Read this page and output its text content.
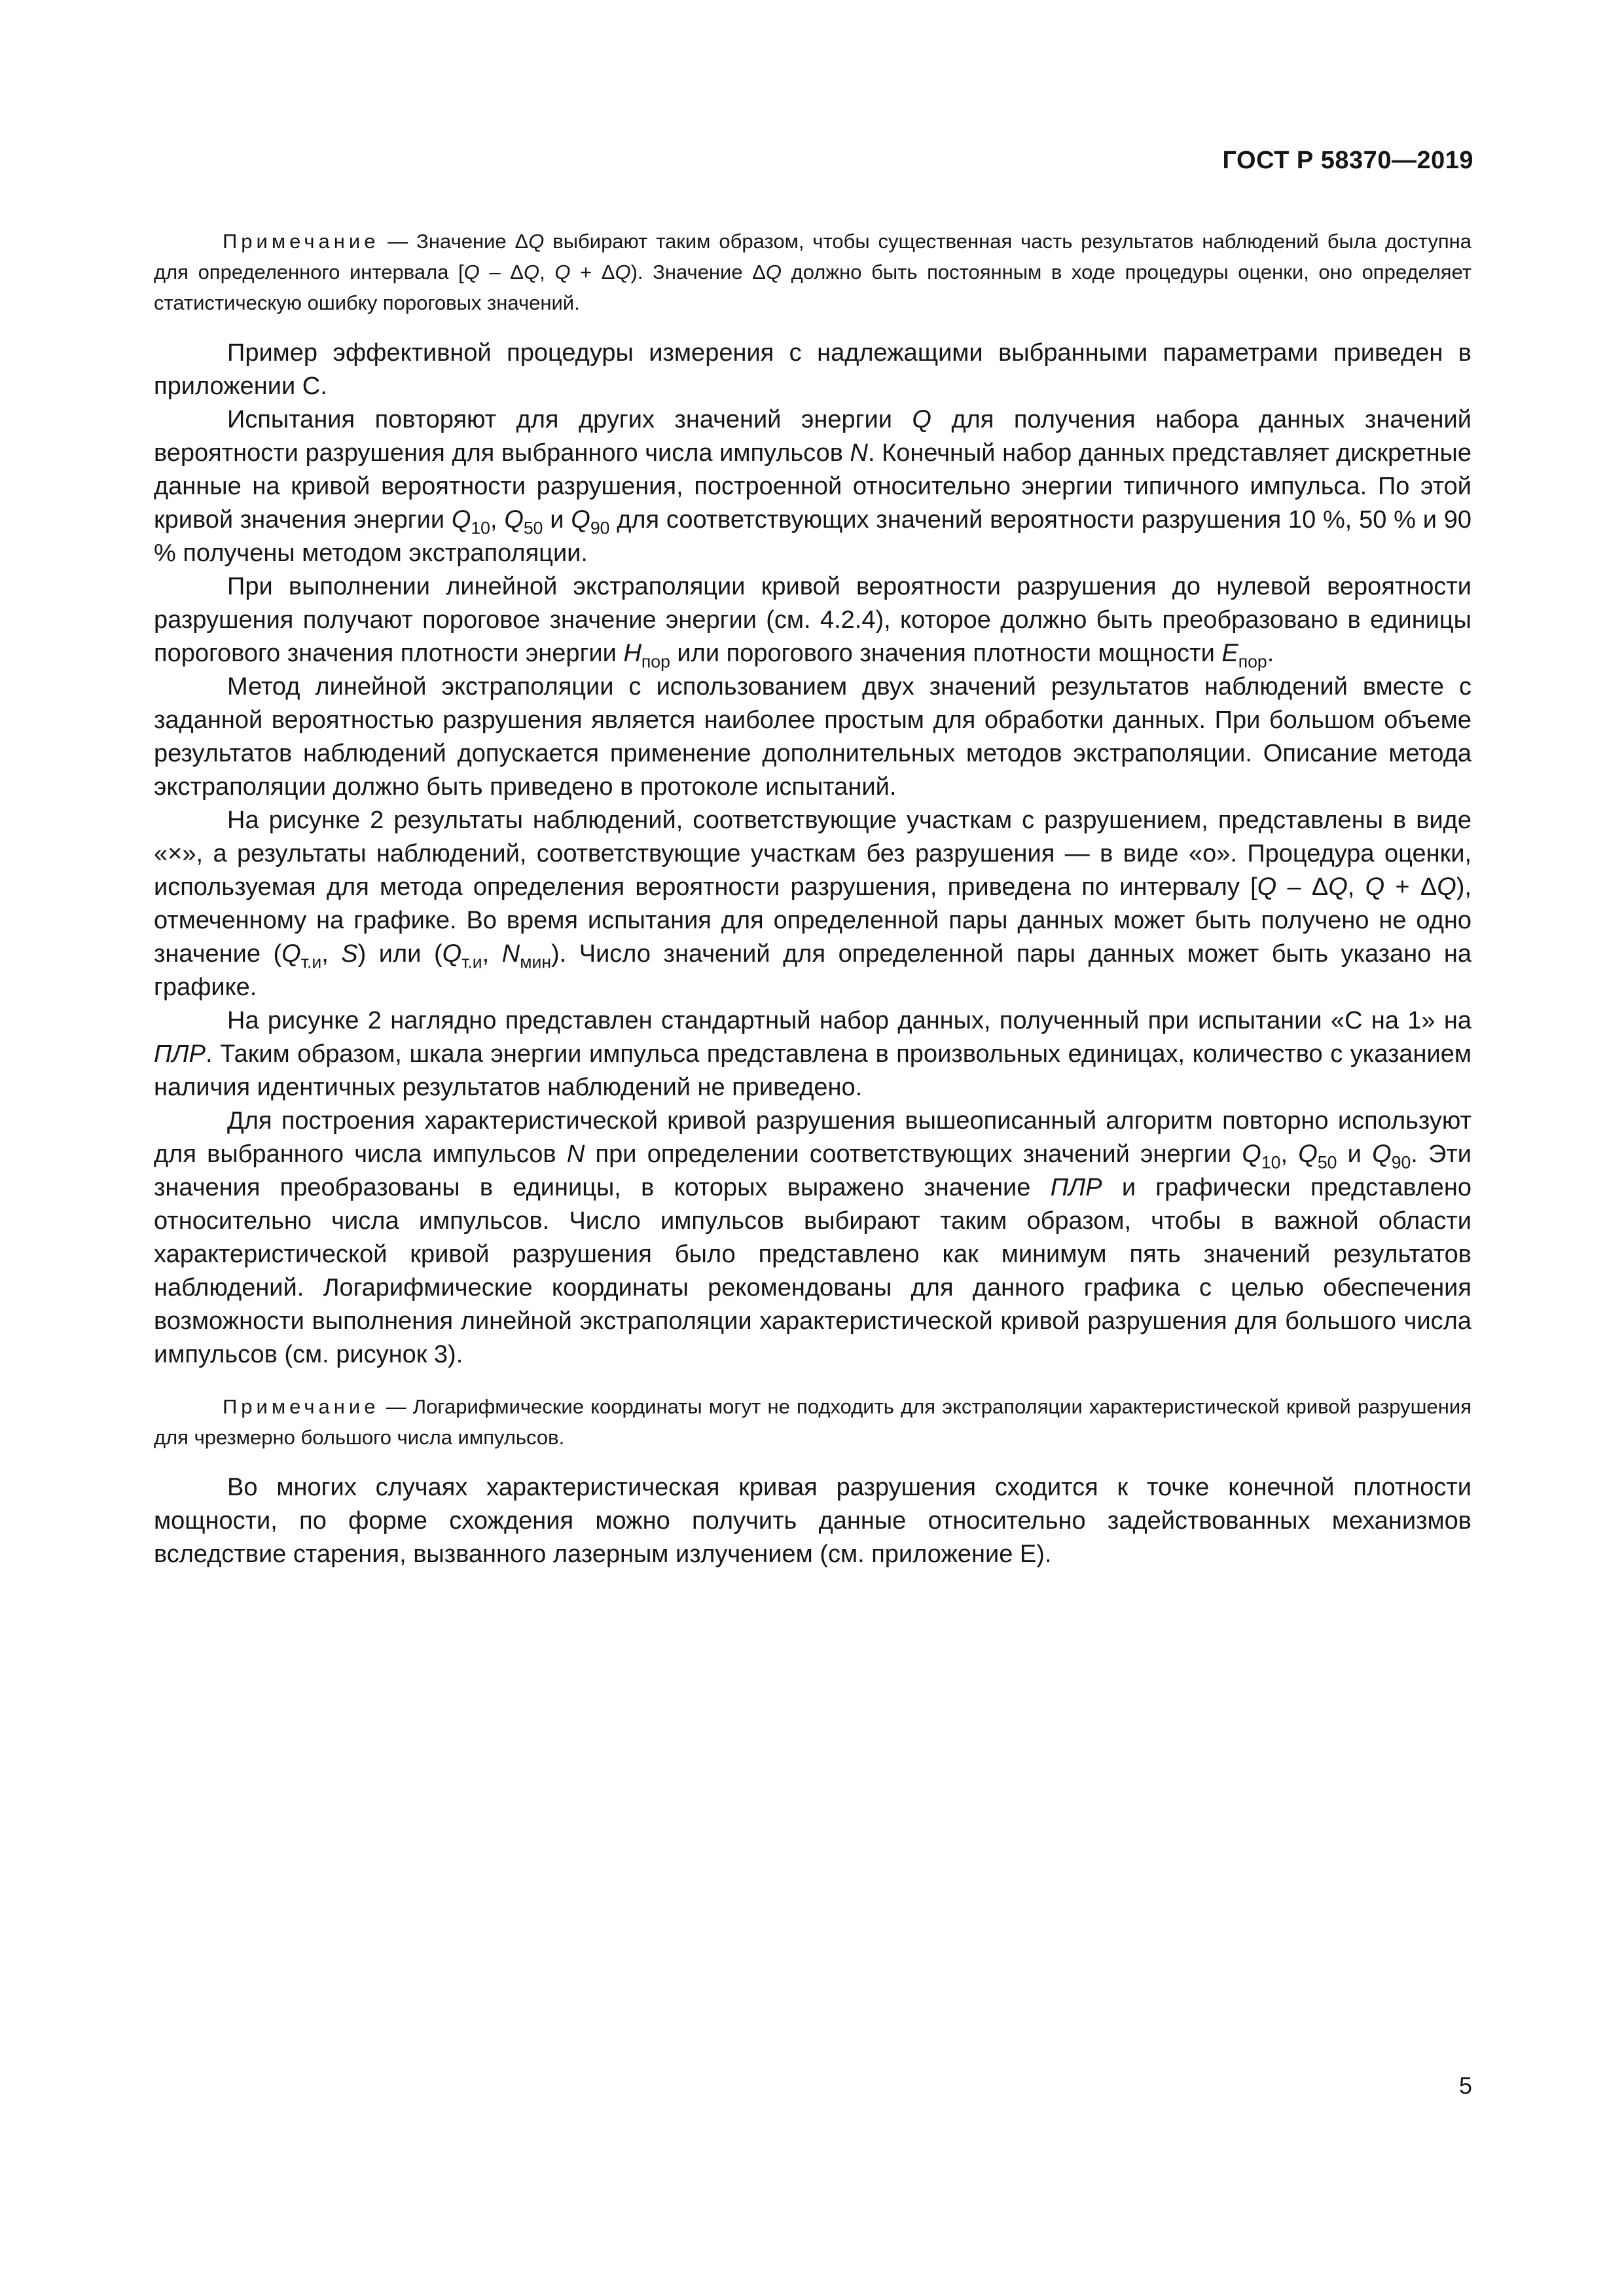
ГОСТ Р 58370—2019

Примечание — Значение ΔQ выбирают таким образом, чтобы существенная часть результатов наблюдений была доступна для определенного интервала [Q – ΔQ, Q + ΔQ). Значение ΔQ должно быть постоянным в ходе процедуры оценки, оно определяет статистическую ошибку пороговых значений.

Пример эффективной процедуры измерения с надлежащими выбранными параметрами приведен в приложении С.

Испытания повторяют для других значений энергии Q для получения набора данных значений вероятности разрушения для выбранного числа импульсов N. Конечный набор данных представляет дискретные данные на кривой вероятности разрушения, построенной относительно энергии типичного импульса. По этой кривой значения энергии $Q_{10}$, $Q_{50}$ и $Q_{90}$ для соответствующих значений вероятности разрушения 10 %, 50 % и 90 % получены методом экстраполяции.

При выполнении линейной экстраполяции кривой вероятности разрушения до нулевой вероятности разрушения получают пороговое значение энергии (см. 4.2.4), которое должно быть преобразовано в единицы порогового значения плотности энергии $H_{пор}$ или порогового значения плотности мощности $E_{пор}$.

Метод линейной экстраполяции с использованием двух значений результатов наблюдений вместе с заданной вероятностью разрушения является наиболее простым для обработки данных. При большом объеме результатов наблюдений допускается применение дополнительных методов экстраполяции. Описание метода экстраполяции должно быть приведено в протоколе испытаний.

На рисунке 2 результаты наблюдений, соответствующие участкам с разрушением, представлены в виде «×», а результаты наблюдений, соответствующие участкам без разрушения — в виде «о». Процедура оценки, используемая для метода определения вероятности разрушения, приведена по интервалу [Q – ΔQ, Q + ΔQ), отмеченному на графике. Во время испытания для определенной пары данных может быть получено не одно значение ($Q_{т.и}$, S) или ($Q_{т.и}$, $N_{мин}$). Число значений для определенной пары данных может быть указано на графике.

На рисунке 2 наглядно представлен стандартный набор данных, полученный при испытании «С на 1» на ПЛР. Таким образом, шкала энергии импульса представлена в произвольных единицах, количество с указанием наличия идентичных результатов наблюдений не приведено.

Для построения характеристической кривой разрушения вышеописанный алгоритм повторно используют для выбранного числа импульсов N при определении соответствующих значений энергии $Q_{10}$, $Q_{50}$ и $Q_{90}$. Эти значения преобразованы в единицы, в которых выражено значение ПЛР и графически представлено относительно числа импульсов. Число импульсов выбирают таким образом, чтобы в важной области характеристической кривой разрушения было представлено как минимум пять значений результатов наблюдений. Логарифмические координаты рекомендованы для данного графика с целью обеспечения возможности выполнения линейной экстраполяции характеристической кривой разрушения для большого числа импульсов (см. рисунок 3).

Примечание — Логарифмические координаты могут не подходить для экстраполяции характеристической кривой разрушения для чрезмерно большого числа импульсов.

Во многих случаях характеристическая кривая разрушения сходится к точке конечной плотности мощности, по форме схождения можно получить данные относительно задействованных механизмов вследствие старения, вызванного лазерным излучением (см. приложение Е).

5
